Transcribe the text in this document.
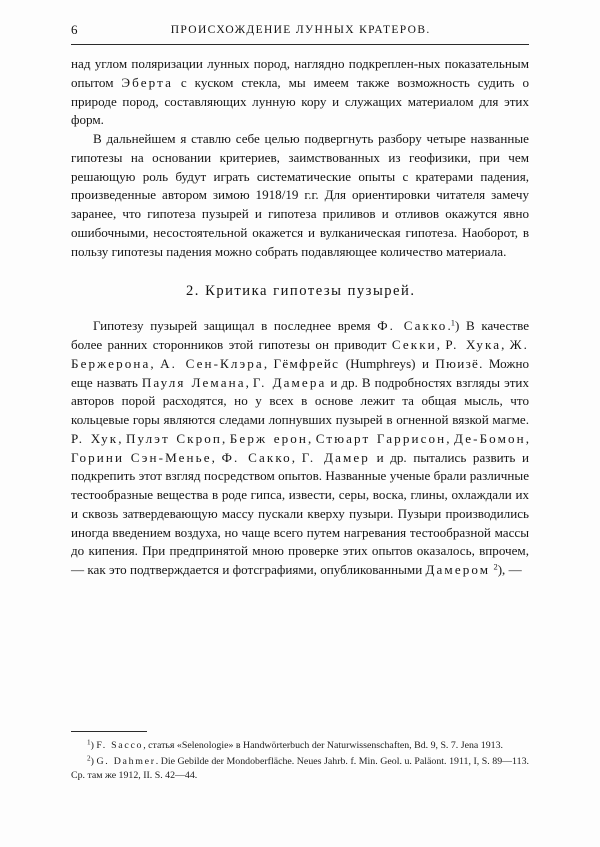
6	ПРОИСХОЖДЕНИЕ ЛУННЫХ КРАТЕРОВ.

над углом поляризации лунных пород, наглядно подкреплен-ных показательным опытом Эберта с куском стекла, мы имеем также возможность судить о природе пород, составляющих лунную кору и служащих материалом для этих форм.

В дальнейшем я ставлю себе целью подвергнуть разбору четыре названные гипотезы на основании критериев, заимствованных из геофизики, при чем решающую роль будут играть систематические опыты с кратерами падения, произведенные автором зимою 1918/19 г.г. Для ориентировки читателя замечу заранее, что гипотеза пузырей и гипотеза приливов и отливов окажутся явно ошибочными, несостоятельной окажется и вулканическая гипотеза. Наоборот, в пользу гипотезы падения можно собрать подавляющее количество материала.

2. Критика гипотезы пузырей.

Гипотезу пузырей защищал в последнее время Ф. Сакко.$^1$) В качестве более ранних сторонников этой гипотезы он приводит Секки, Р. Хука, Ж. Бержерона, А. Сен-Клэра, Гёмфрейс (Humphreys) и Пюизё. Можно еще назвать Пауля Лемана, Г. Дамера и др. В подробностях взгляды этих авторов порой расходятся, но у всех в основе лежит та общая мысль, что кольцевые горы являются следами лопнувших пузырей в огненной вязкой магме. Р. Хук, Пулэт Скроп, Берж ерон, Стюарт Гаррисон, Де-Бомон, Горини Сэн-Менье, Ф. Сакко, Г. Дамер и др. пытались развить и подкрепить этот взгляд посредством опытов. Названные ученые брали различные тестообразные вещества в роде гипса, извести, серы, воска, глины, охлаждали их и сквозь затвердевающую массу пускали кверху пузыри. Пузыри производились иногда введением воздуха, но чаще всего путем нагревания тестообразной массы до кипения. При предпринятой мною проверке этих опытов оказалось, впрочем, — как это подтверждается и фотсграфиями, опубликованными Дамером $^2$), —

$^1$) F. Sacco, статья «Selenologie» в Handwörterbuch der Naturwissenschaften, Bd. 9, S. 7. Jena 1913.

$^2$) G. Dahmer. Die Gebilde der Mondoberfläche. Neues Jahrb. f. Min. Geol. u. Paläont. 1911, I, S. 89—113. Ср. там же 1912, II. S. 42—44.
